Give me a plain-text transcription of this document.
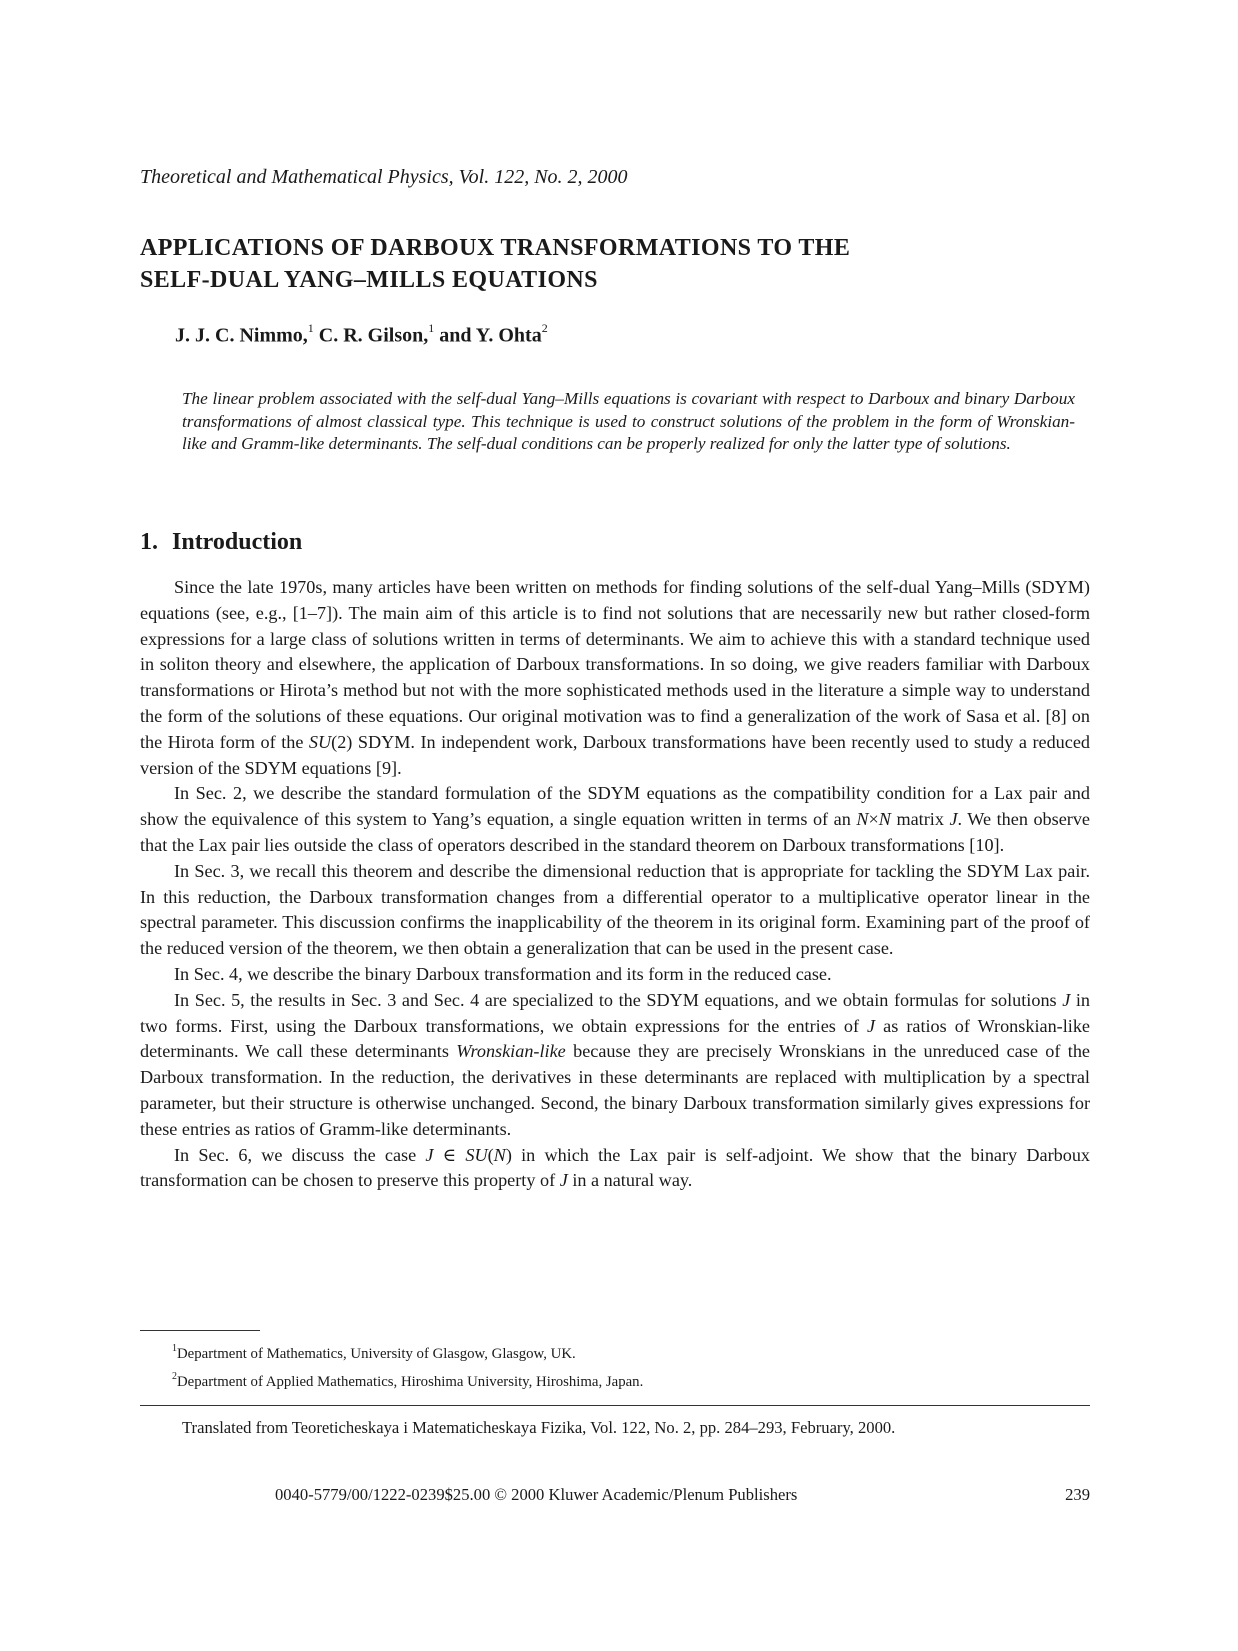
Theoretical and Mathematical Physics, Vol. 122, No. 2, 2000
APPLICATIONS OF DARBOUX TRANSFORMATIONS TO THE
SELF-DUAL YANG–MILLS EQUATIONS
J. J. C. Nimmo,$^1$ C. R. Gilson,$^1$ and Y. Ohta$^2$
The linear problem associated with the self-dual Yang–Mills equations is covariant with respect to Darboux and binary Darboux transformations of almost classical type. This technique is used to construct solutions of the problem in the form of Wronskian-like and Gramm-like determinants. The self-dual conditions can be properly realized for only the latter type of solutions.
1. Introduction

Since the late 1970s, many articles have been written on methods for finding solutions of the self-dual Yang–Mills (SDYM) equations (see, e.g., [1–7]). The main aim of this article is to find not solutions that are necessarily new but rather closed-form expressions for a large class of solutions written in terms of determinants. We aim to achieve this with a standard technique used in soliton theory and elsewhere, the application of Darboux transformations. In so doing, we give readers familiar with Darboux transformations or Hirota’s method but not with the more sophisticated methods used in the literature a simple way to understand the form of the solutions of these equations. Our original motivation was to find a generalization of the work of Sasa et al. [8] on the Hirota form of the SU(2) SDYM. In independent work, Darboux transformations have been recently used to study a reduced version of the SDYM equations [9].

In Sec. 2, we describe the standard formulation of the SDYM equations as the compatibility condition for a Lax pair and show the equivalence of this system to Yang’s equation, a single equation written in terms of an N×N matrix J. We then observe that the Lax pair lies outside the class of operators described in the standard theorem on Darboux transformations [10].

In Sec. 3, we recall this theorem and describe the dimensional reduction that is appropriate for tackling the SDYM Lax pair. In this reduction, the Darboux transformation changes from a differential operator to a multiplicative operator linear in the spectral parameter. This discussion confirms the inapplicability of the theorem in its original form. Examining part of the proof of the reduced version of the theorem, we then obtain a generalization that can be used in the present case.

In Sec. 4, we describe the binary Darboux transformation and its form in the reduced case.

In Sec. 5, the results in Sec. 3 and Sec. 4 are specialized to the SDYM equations, and we obtain formulas for solutions J in two forms. First, using the Darboux transformations, we obtain expressions for the entries of J as ratios of Wronskian-like determinants. We call these determinants Wronskian-like because they are precisely Wronskians in the unreduced case of the Darboux transformation. In the reduction, the derivatives in these determinants are replaced with multiplication by a spectral parameter, but their structure is otherwise unchanged. Second, the binary Darboux transformation similarly gives expressions for these entries as ratios of Gramm-like determinants.

In Sec. 6, we discuss the case J ∈ SU(N) in which the Lax pair is self-adjoint. We show that the binary Darboux transformation can be chosen to preserve this property of J in a natural way.

$^1$Department of Mathematics, University of Glasgow, Glasgow, UK.
$^2$Department of Applied Mathematics, Hiroshima University, Hiroshima, Japan.
Translated from Teoreticheskaya i Matematicheskaya Fizika, Vol. 122, No. 2, pp. 284–293, February, 2000.
0040-5779/00/1222-0239$25.00 © 2000 Kluwer Academic/Plenum Publishers	239
